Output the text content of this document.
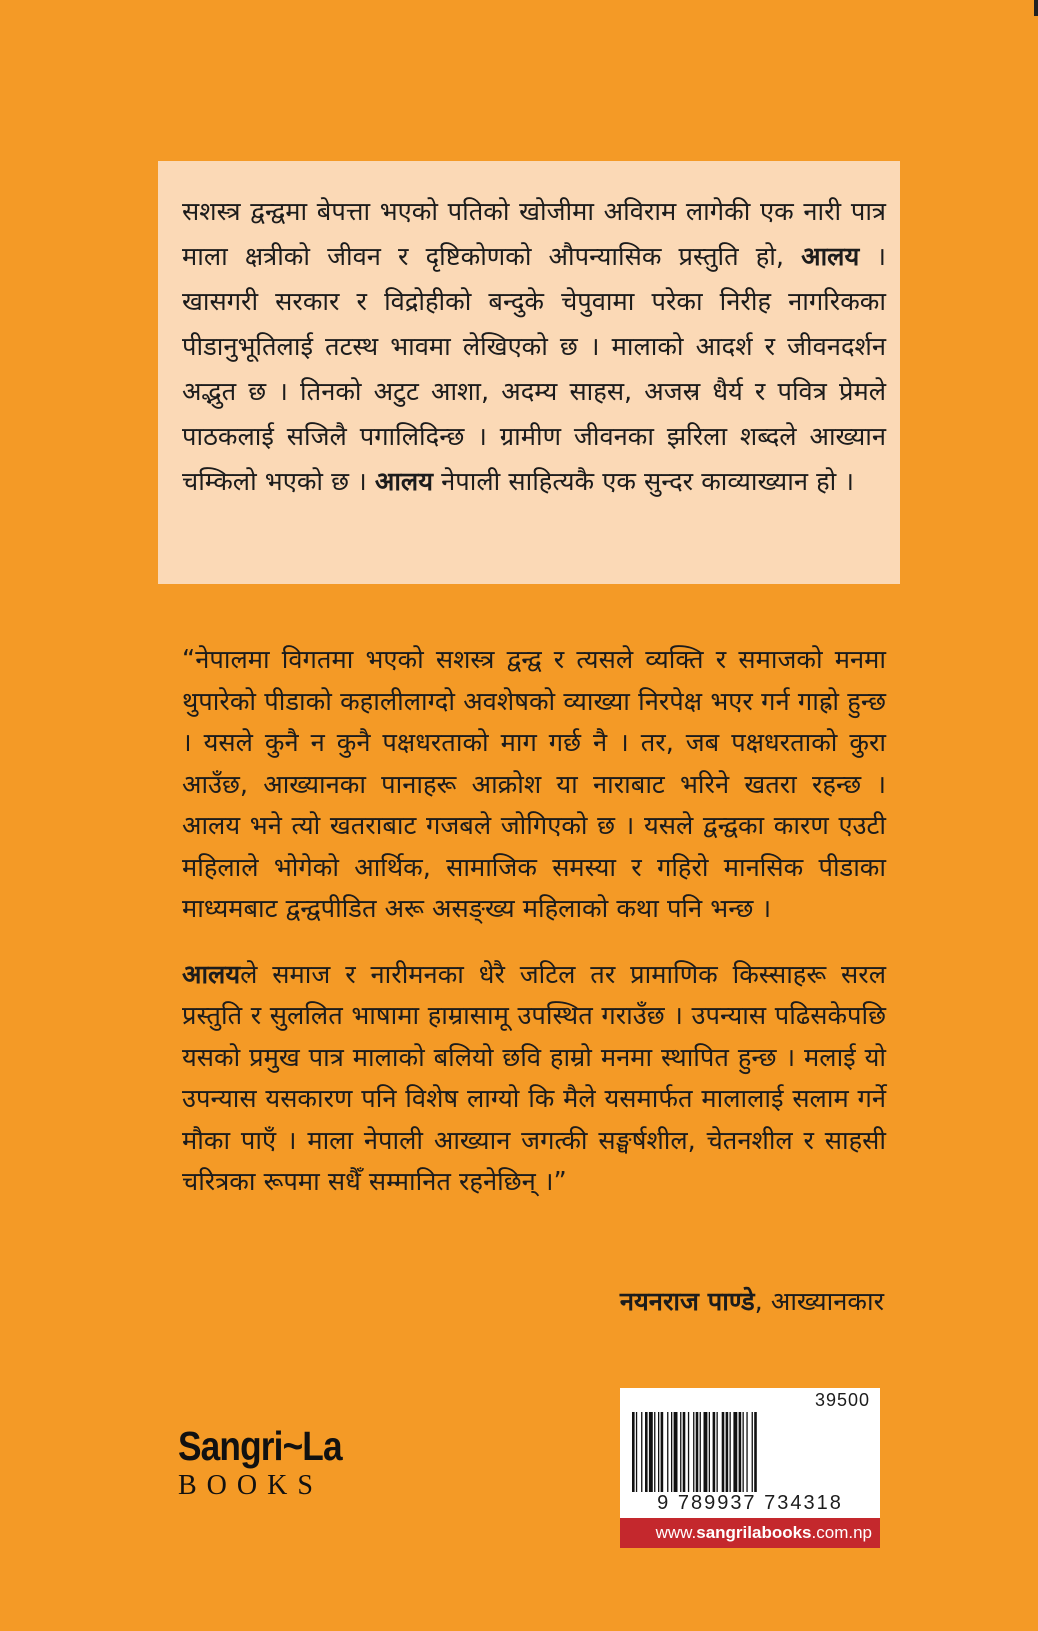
सशस्त्र द्वन्द्वमा बेपत्ता भएको पतिको खोजीमा अविराम लागेकी एक नारी पात्र माला क्षत्रीको जीवन र दृष्टिकोणको औपन्यासिक प्रस्तुति हो, आलय । खासगरी सरकार र विद्रोहीको बन्दुके चेपुवामा परेका निरीह नागरिकका पीडानुभूतिलाई तटस्थ भावमा लेखिएको छ । मालाको आदर्श र जीवनदर्शन अद्भुत छ । तिनको अटुट आशा, अदम्य साहस, अजस्र धैर्य र पवित्र प्रेमले पाठकलाई सजिलै पगालिदिन्छ । ग्रामीण जीवनका झरिला शब्दले आख्यान चम्किलो भएको छ । आलय नेपाली साहित्यकै एक सुन्दर काव्याख्यान हो ।

“नेपालमा विगतमा भएको सशस्त्र द्वन्द्व र त्यसले व्यक्ति र समाजको मनमा थुपारेको पीडाको कहालीलाग्दो अवशेषको व्याख्या निरपेक्ष भएर गर्न गाह्रो हुन्छ । यसले कुनै न कुनै पक्षधरताको माग गर्छ नै । तर, जब पक्षधरताको कुरा आउँछ, आख्यानका पानाहरू आक्रोश या नाराबाट भरिने खतरा रहन्छ । आलय भने त्यो खतराबाट गजबले जोगिएको छ । यसले द्वन्द्वका कारण एउटी महिलाले भोगेको आर्थिक, सामाजिक समस्या र गहिरो मानसिक पीडाका माध्यमबाट द्वन्द्वपीडित अरू असङ्ख्य महिलाको कथा पनि भन्छ ।

आलयले समाज र नारीमनका धेरै जटिल तर प्रामाणिक किस्साहरू सरल प्रस्तुति र सुललित भाषामा हाम्रासामू उपस्थित गराउँछ । उपन्यास पढिसकेपछि यसको प्रमुख पात्र मालाको बलियो छवि हाम्रो मनमा स्थापित हुन्छ । मलाई यो उपन्यास यसकारण पनि विशेष लाग्यो कि मैले यसमार्फत मालालाई सलाम गर्ने मौका पाएँ । माला नेपाली आख्यान जगत्की सङ्घर्षशील, चेतनशील र साहसी चरित्रका रूपमा सधैँ सम्मानित रहनेछिन् ।”

नयनराज पाण्डे, आख्यानकार

Sangri~La
BOOKS
39500
9 789937 734318
www.sangrilabooks.com.np
